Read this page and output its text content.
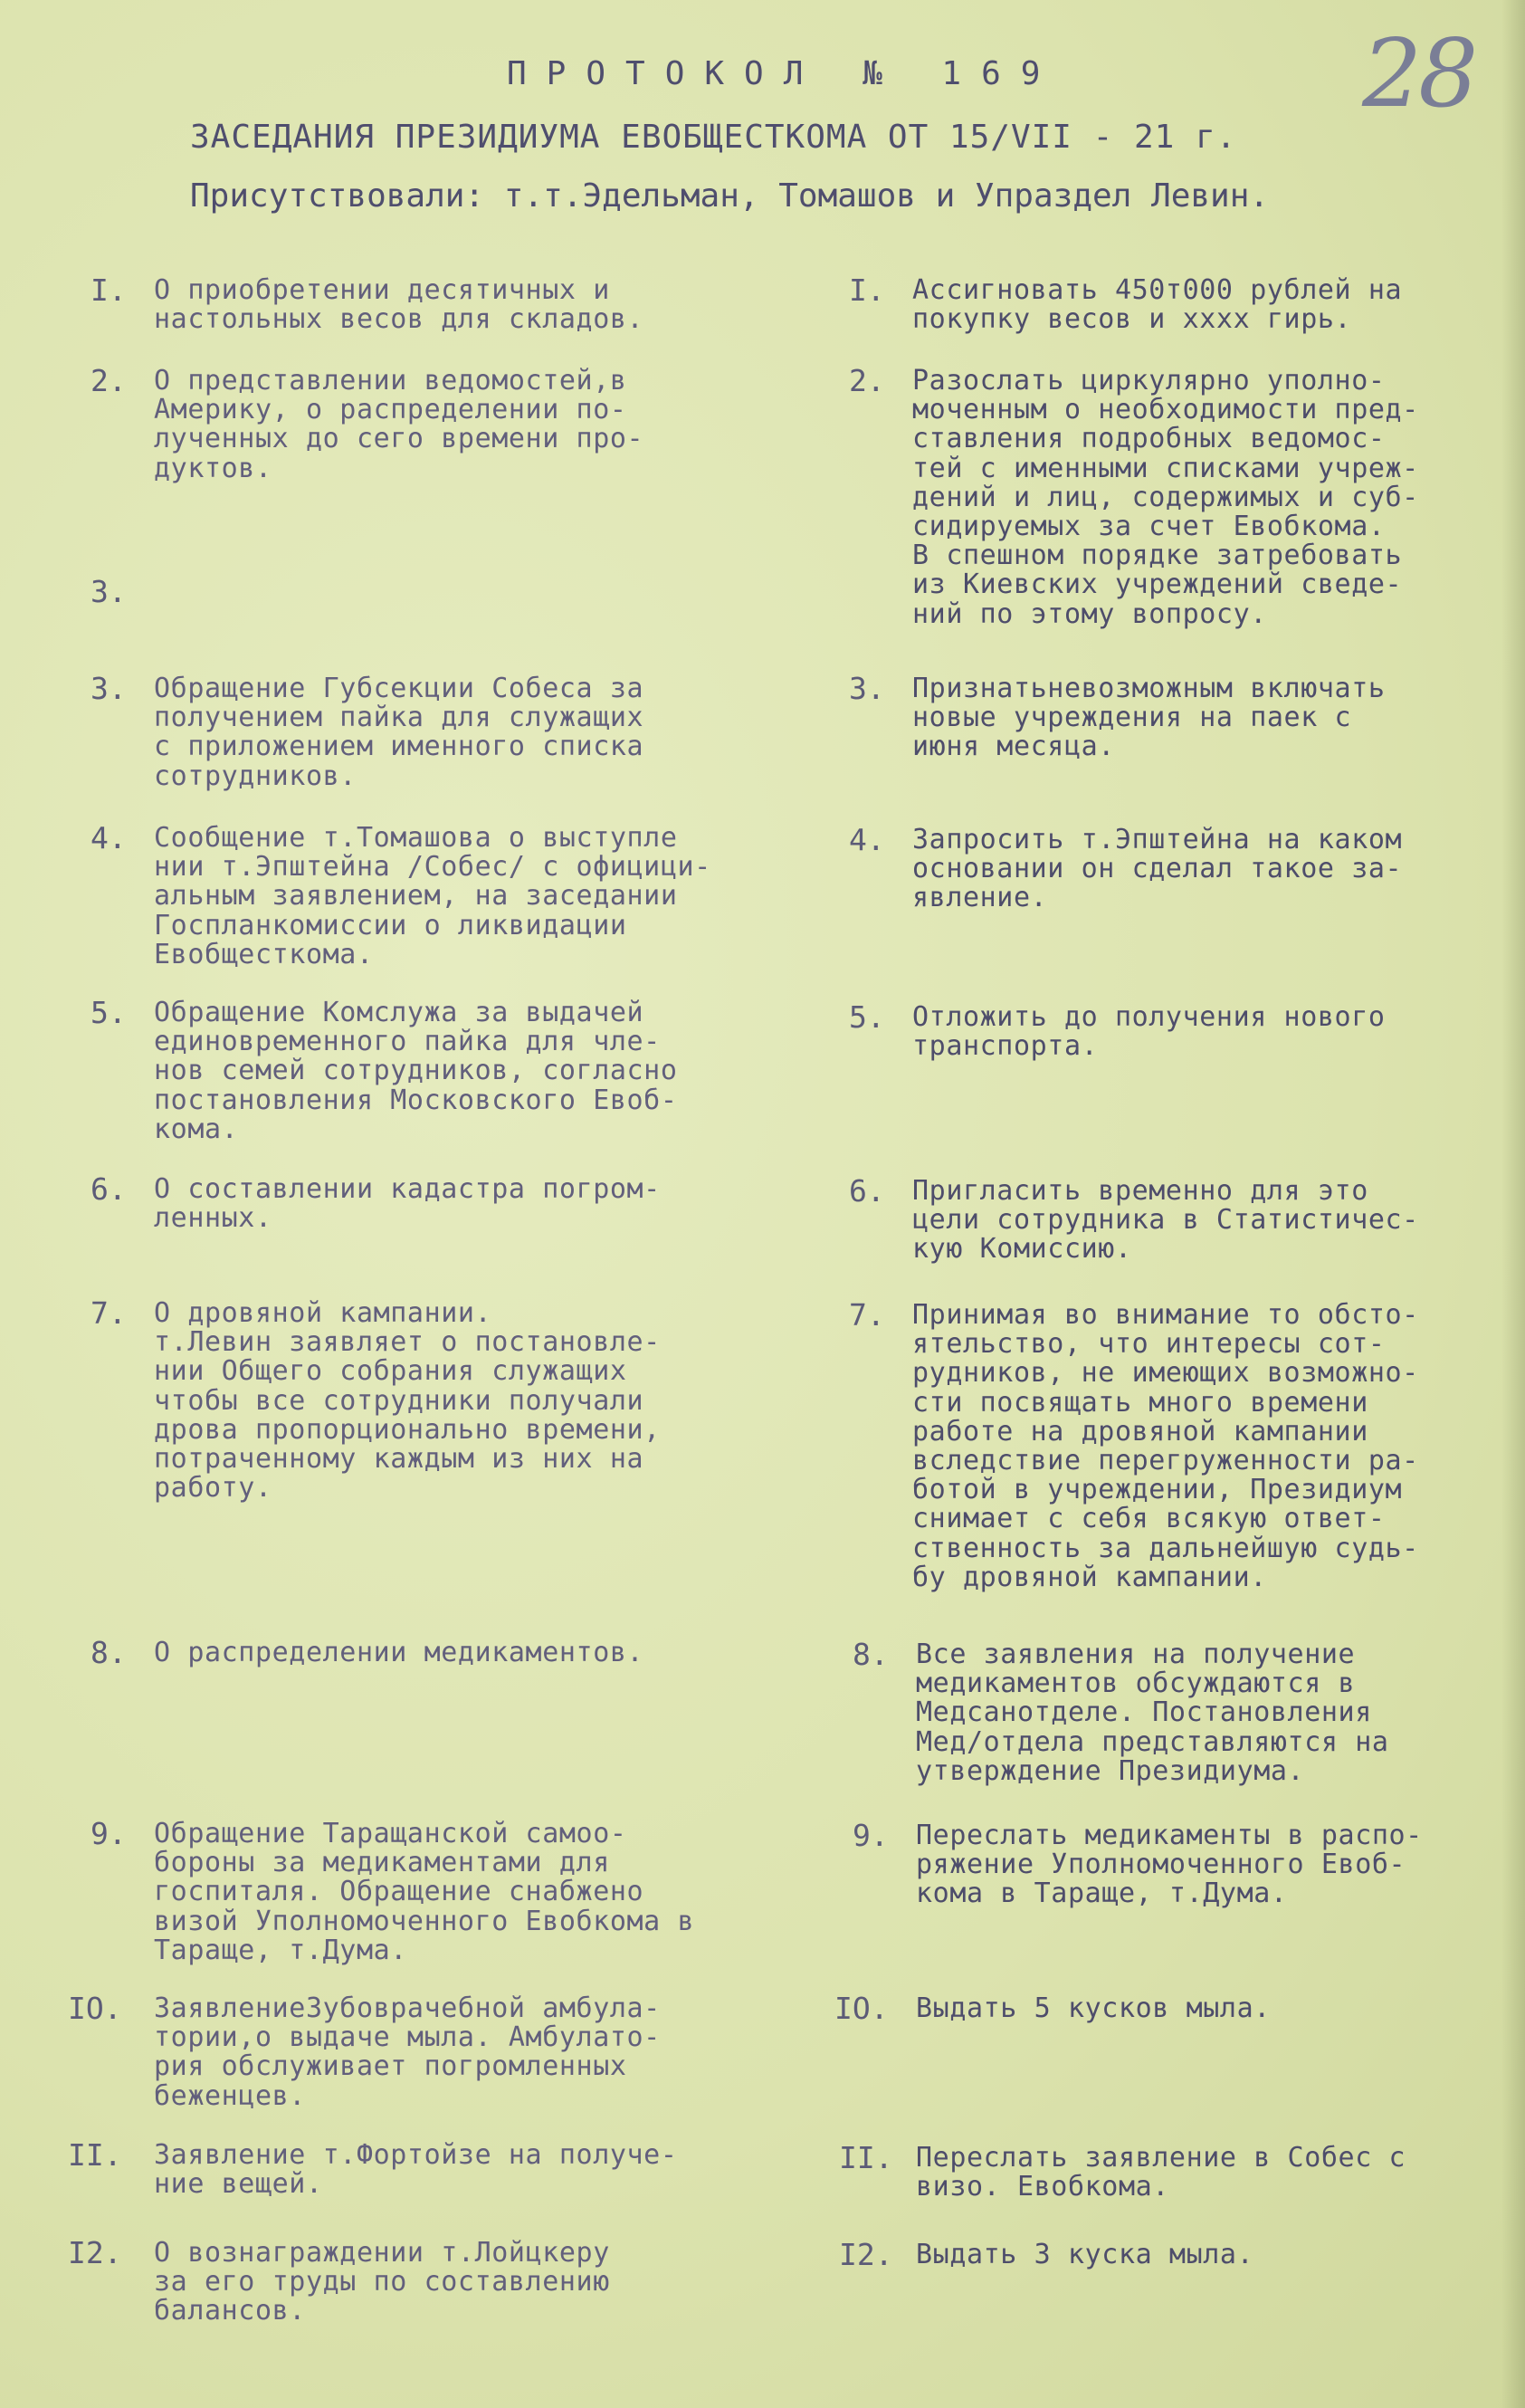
28
ПРОТОКОЛ № 169
ЗАСЕДАНИЯ ПРЕЗИДИУМА ЕВОБЩЕСТКОМА ОТ 15/VII - 21 г.
Присутствовали: т.т.Эдельман, Томашов и Упраздел Левин.
I. О приобретении десятичных и
настольных весов для складов.
I. Ассигновать 450т000 рублей на
покупку весов и хххх гирь.
2. О представлении ведомостей,в
Америку, о распределении по-
лученных до сего времени про-
дуктов.
2. Разослать циркулярно уполно-
моченным о необходимости пред-
ставления подробных ведомос-
тей с именными списками учреж-
дений и лиц, содержимых и суб-
сидируемых за счет Евобкома.
В спешном порядке затребовать
из Киевских учреждений сведе-
ний по этому вопросу.
3.
3. Обращение Губсекции Собеса за
получением пайка для служащих
с приложением именного списка
сотрудников.
3. Признатьневозможным включать
новые учреждения на паек с
июня месяца.
4. Сообщение т.Томашова о выступле
нии т.Эпштейна /Собес/ с официци-
альным заявлением, на заседании
Госпланкомиссии о ликвидации
Евобщесткома.
4. Запросить т.Эпштейна на каком
основании он сделал такое за-
явление.
5. Обращение Комслужа за выдачей
единовременного пайка для чле-
нов семей сотрудников, согласно
постановления Московского Евоб-
кома.
5. Отложить до получения нового
транспорта.
6. О составлении кадастра погром-
ленных.
6. Пригласить временно для это
цели сотрудника в Статистичес-
кую Комиссию.
7. О дровяной кампании.
т.Левин заявляет о постановле-
нии Общего собрания служащих
чтобы все сотрудники получали
дрова пропорционально времени,
потраченному каждым из них на
работу.
7. Принимая во внимание то обсто-
ятельство, что интересы сот-
рудников, не имеющих возможно-
сти посвящать много времени
работе на дровяной кампании
вследствие перегруженности ра-
ботой в учреждении, Президиум
снимает с себя всякую ответ-
ственность за дальнейшую судь-
бу дровяной кампании.
8. О распределении медикаментов.	8. Все заявления на получение
медикаментов обсуждаются в
Медсанотделе. Постановления
Мед/отдела представляются на
утверждение Президиума.
9. Обращение Таращанской самоо-
бороны за медикаментами для
госпиталя. Обращение снабжено
визой Уполномоченного Евобкома в
Тараще, т.Дума.
9. Переслать медикаменты в распо-
ряжение Уполномоченного Евоб-
кома в Тараще, т.Дума.
IO. ЗаявлениеЗубоврачебной амбула-
тории,о выдаче мыла. Амбулато-
рия обслуживает погромленных
беженцев.
IO. Выдать 5 кусков мыла.
II. Заявление т.Фортойзе на получе-
ние вещей.
II. Переслать заявление в Собес с
визо. Евобкома.
I2. О вознаграждении т.Лойцкеру
за его труды по составлению
балансов.
I2. Выдать 3 куска мыла.
